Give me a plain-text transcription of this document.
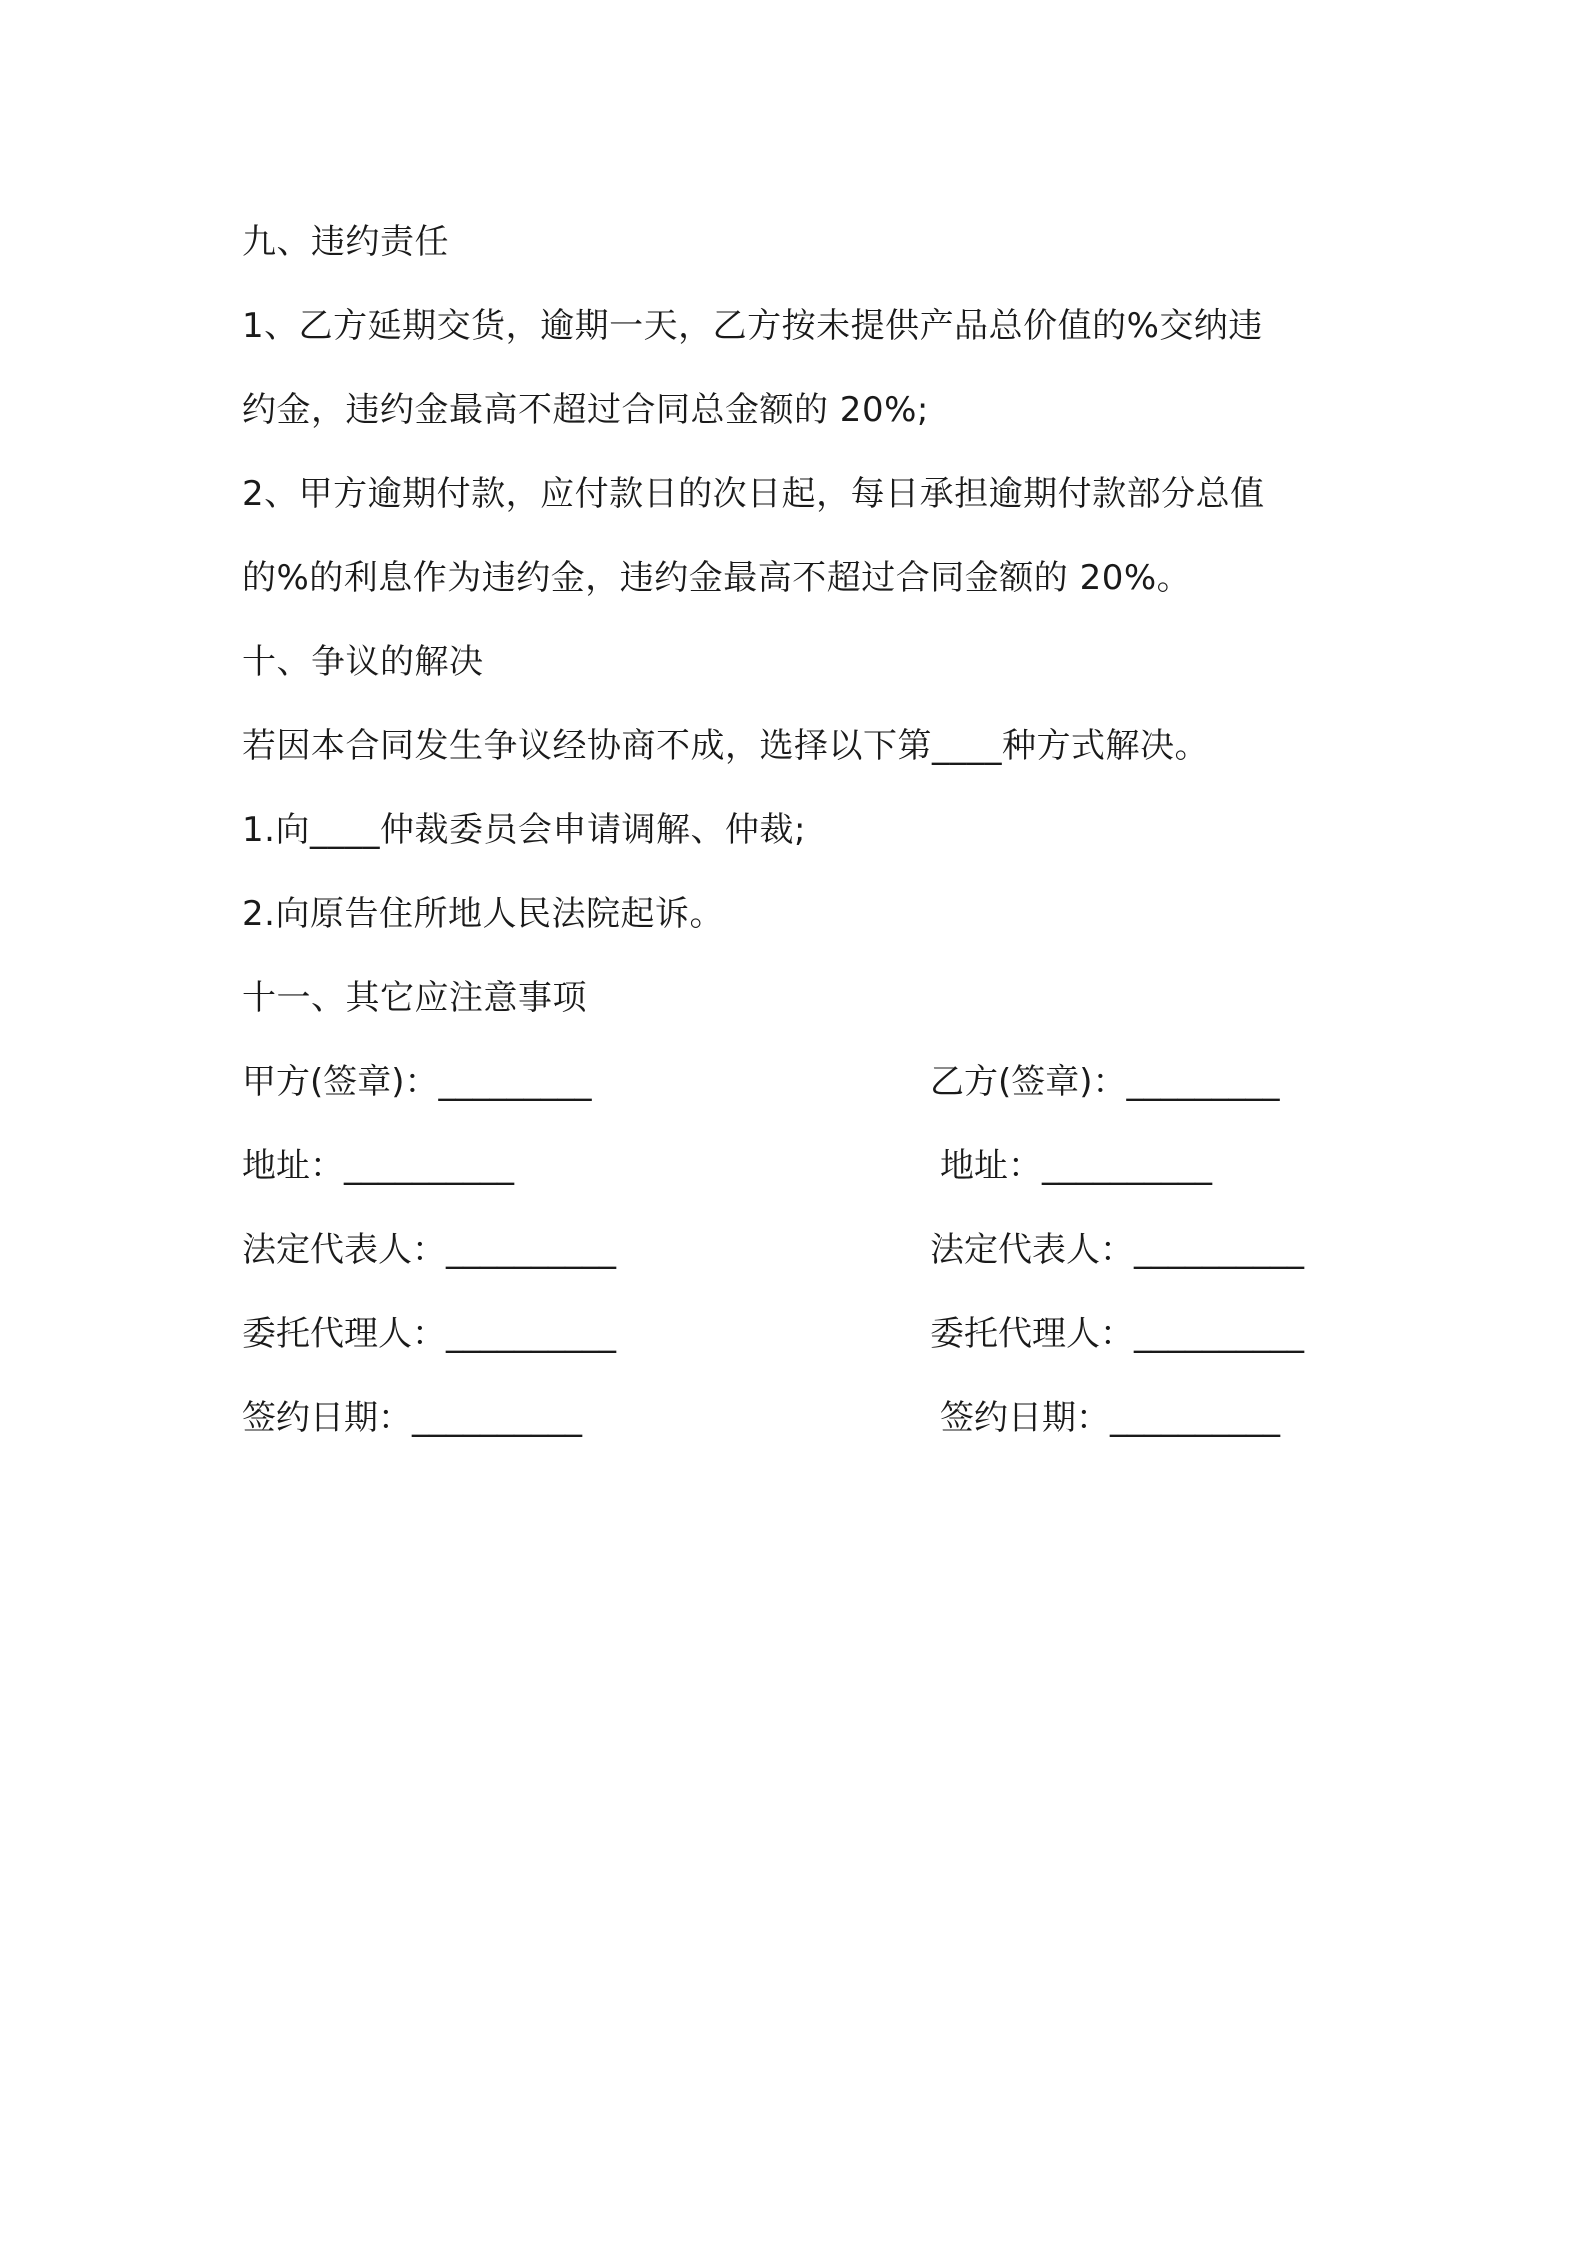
九、违约责任
1、乙方延期交货，逾期一天，乙方按未提供产品总价值的%交纳违
约金，违约金最高不超过合同总金额的 20%;
2、甲方逾期付款，应付款日的次日起，每日承担逾期付款部分总值
的%的利息作为违约金，违约金最高不超过合同金额的 20%。
十、争议的解决
若因本合同发生争议经协商不成，选择以下第____种方式解决。
1.向____仲裁委员会申请调解、仲裁;
2.向原告住所地人民法院起诉。
十一、其它应注意事项
甲方(签章)：_________	乙方(签章)：_________
地址：__________	地址：__________
法定代表人：__________	法定代表人：__________
委托代理人：__________	委托代理人：__________
签约日期：__________	签约日期：__________
